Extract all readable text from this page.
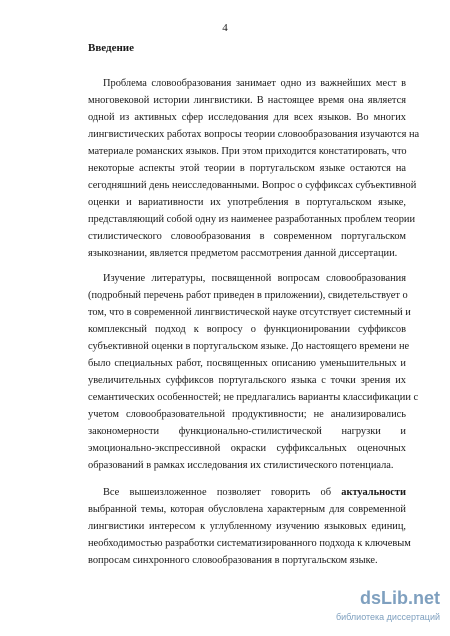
4
Введение
Проблема словообразования занимает одно из важнейших мест в
многовековой истории лингвистики. В настоящее время она является
одной из активных сфер исследования для всех языков. Во многих
лингвистических работах вопросы теории словообразования изучаются на
материале романских языков. При этом приходится констатировать, что
некоторые аспекты этой теории в португальском языке остаются на
сегодняшний день неисследованными. Вопрос о суффиксах субъективной
оценки и вариативности их употребления в португальском языке,
представляющий собой одну из наименее разработанных проблем теории
стилистического словообразования в современном португальском
языкознании, является предметом рассмотрения данной диссертации.
Изучение литературы, посвященной вопросам словообразования
(подробный перечень работ приведен в приложении), свидетельствует о
том, что в современной лингвистической науке отсутствует системный и
комплексный подход к вопросу о функционировании суффиксов
субъективной оценки в португальском языке. До настоящего времени не
было специальных работ, посвященных описанию уменьшительных и
увеличительных суффиксов португальского языка с точки зрения их
семантических особенностей; не предлагались варианты классификации с
учетом словообразовательной продуктивности; не анализировались
закономерности функционально-стилистической нагрузки и
эмоционально-экспрессивной окраски суффиксальных оценочных
образований в рамках исследования их стилистического потенциала.
Все вышеизложенное позволяет говорить об актуальности
выбранной темы, которая обусловлена характерным для современной
лингвистики интересом к углубленному изучению языковых единиц,
необходимостью разработки систематизированного подхода к ключевым
вопросам синхронного словообразования в португальском языке.
dsLib.net
библиотека диссертаций
